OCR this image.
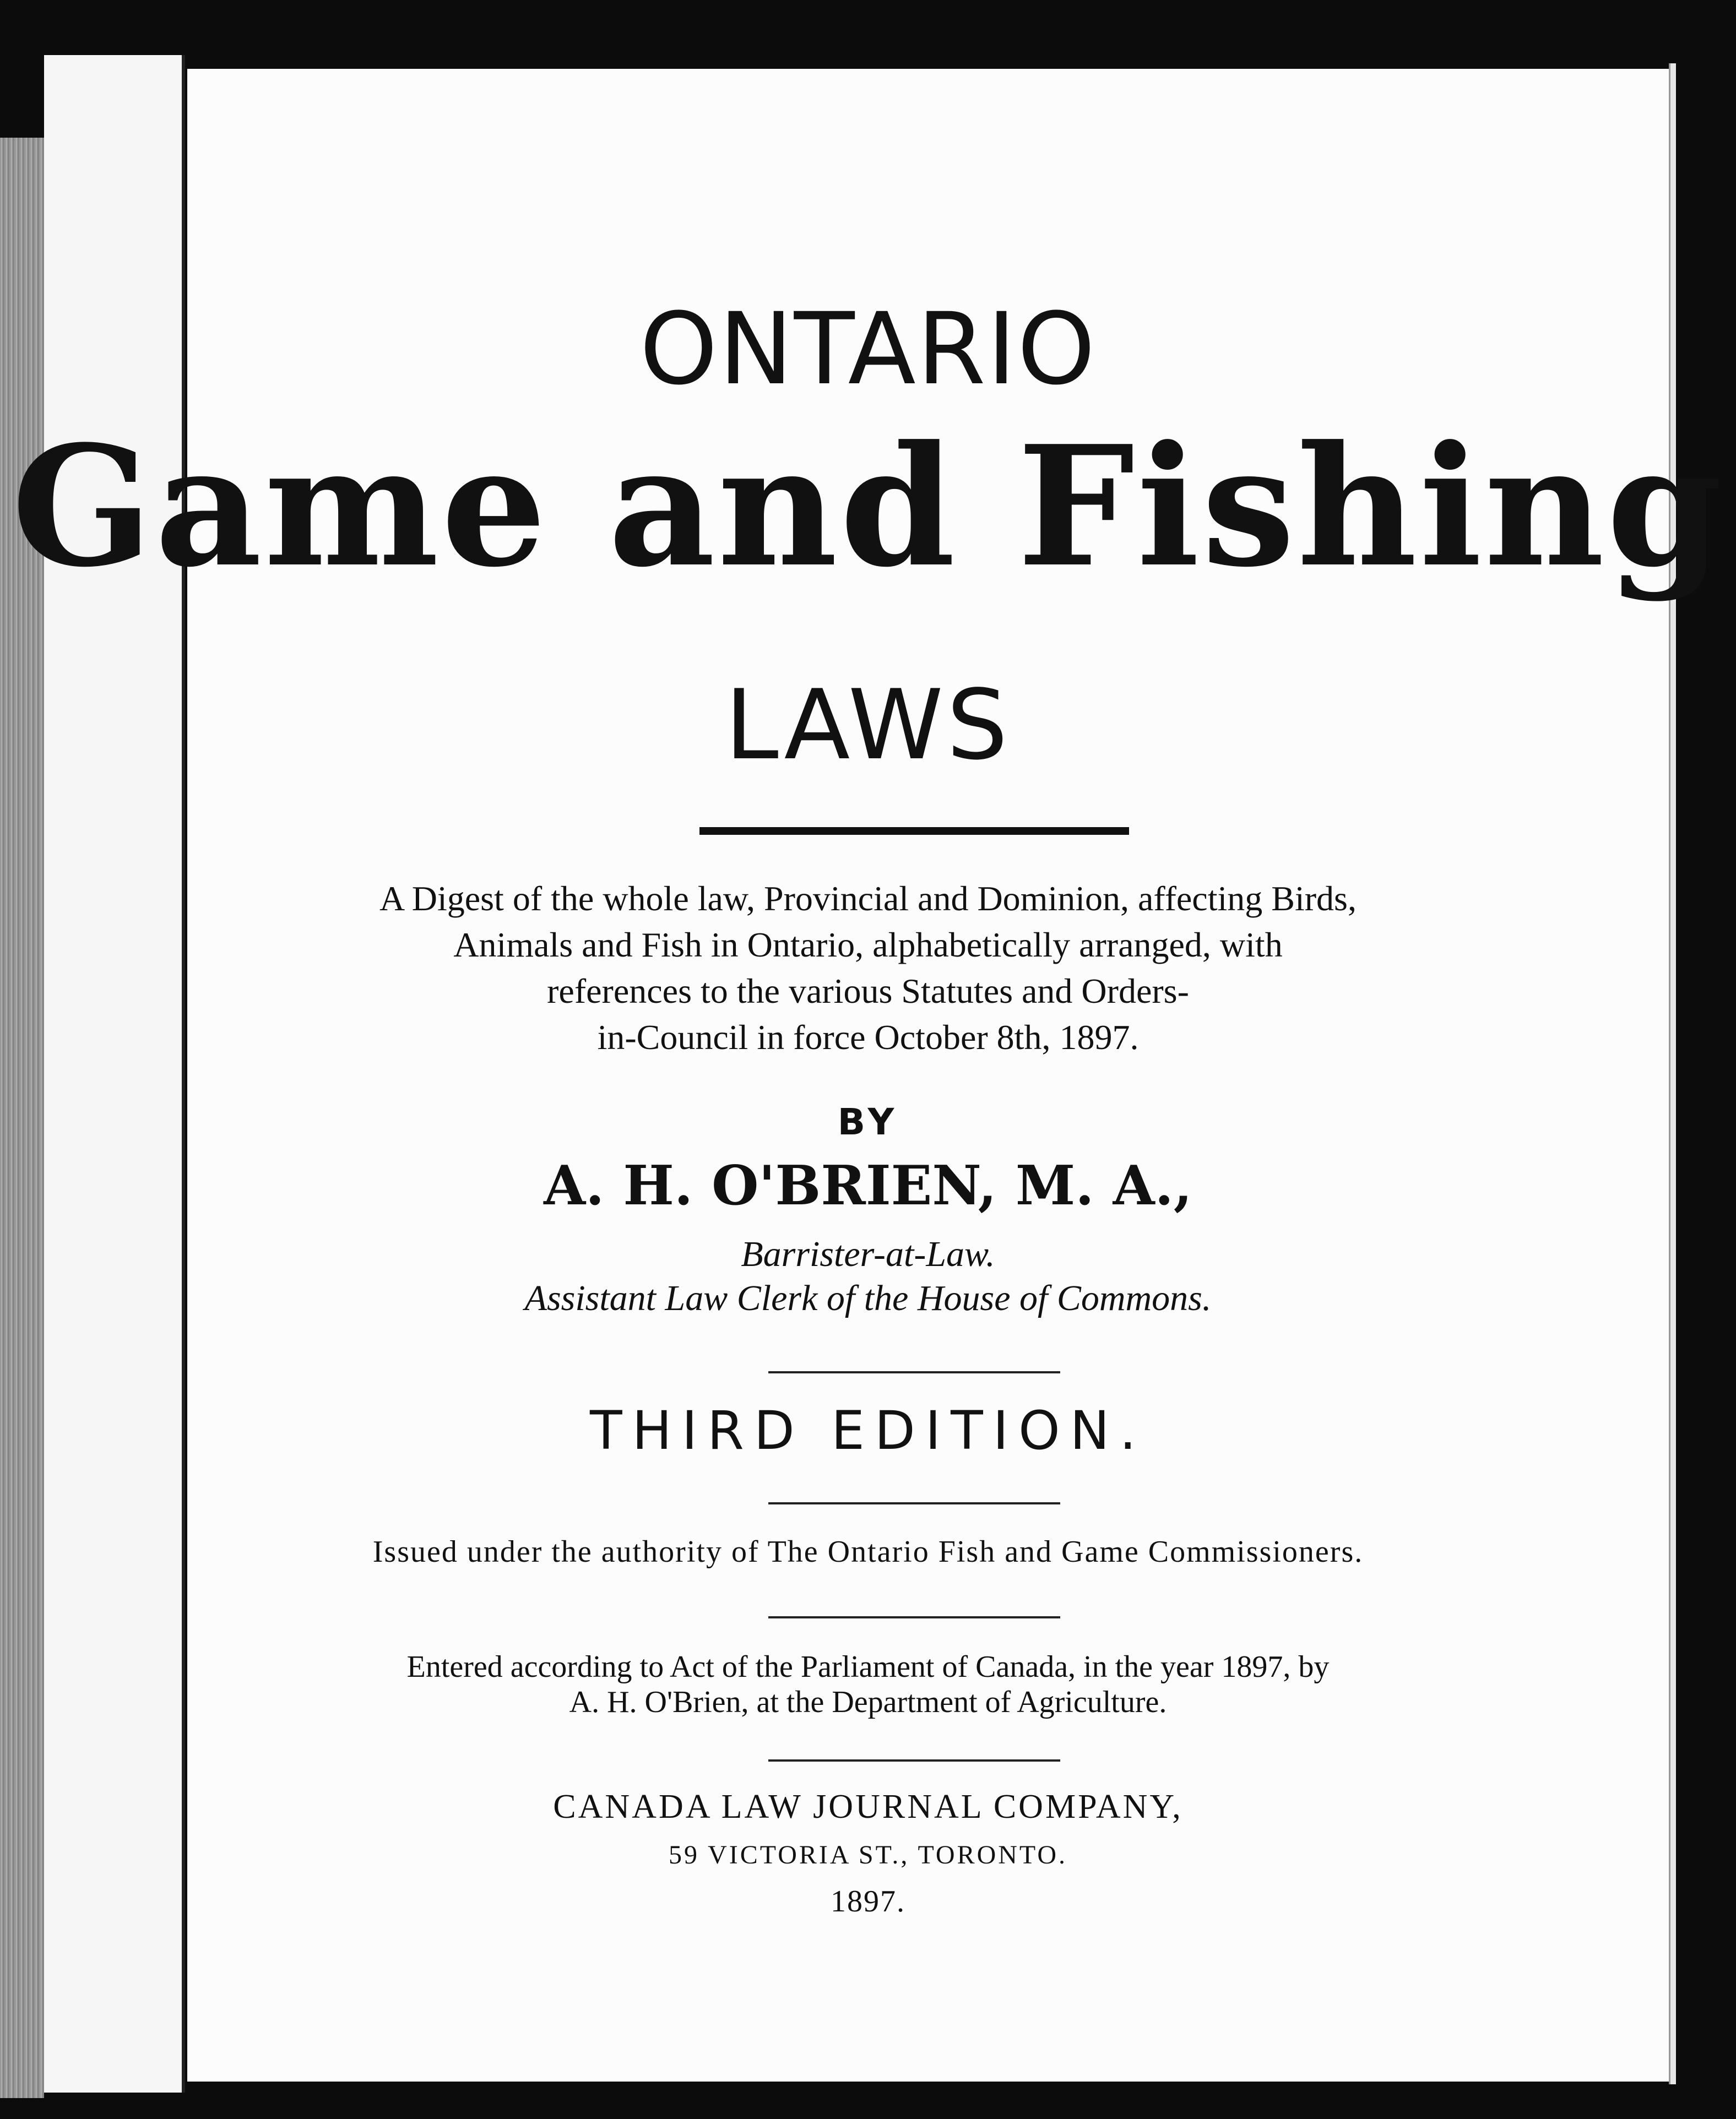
ONTARIO
Game and Fishing
LAWS
A Digest of the whole law, Provincial and Dominion, affecting Birds,
Animals and Fish in Ontario, alphabetically arranged, with
references to the various Statutes and Orders-
in-Council in force October 8th, 1897.
BY
A. H. O'BRIEN, M. A.,
Barrister-at-Law.
Assistant Law Clerk of the House of Commons.
THIRD EDITION.
Issued under the authority of The Ontario Fish and Game Commissioners.
Entered according to Act of the Parliament of Canada, in the year 1897, by
A. H. O'Brien, at the Department of Agriculture.
CANADA LAW JOURNAL COMPANY,
59 VICTORIA ST., TORONTO.
1897.
